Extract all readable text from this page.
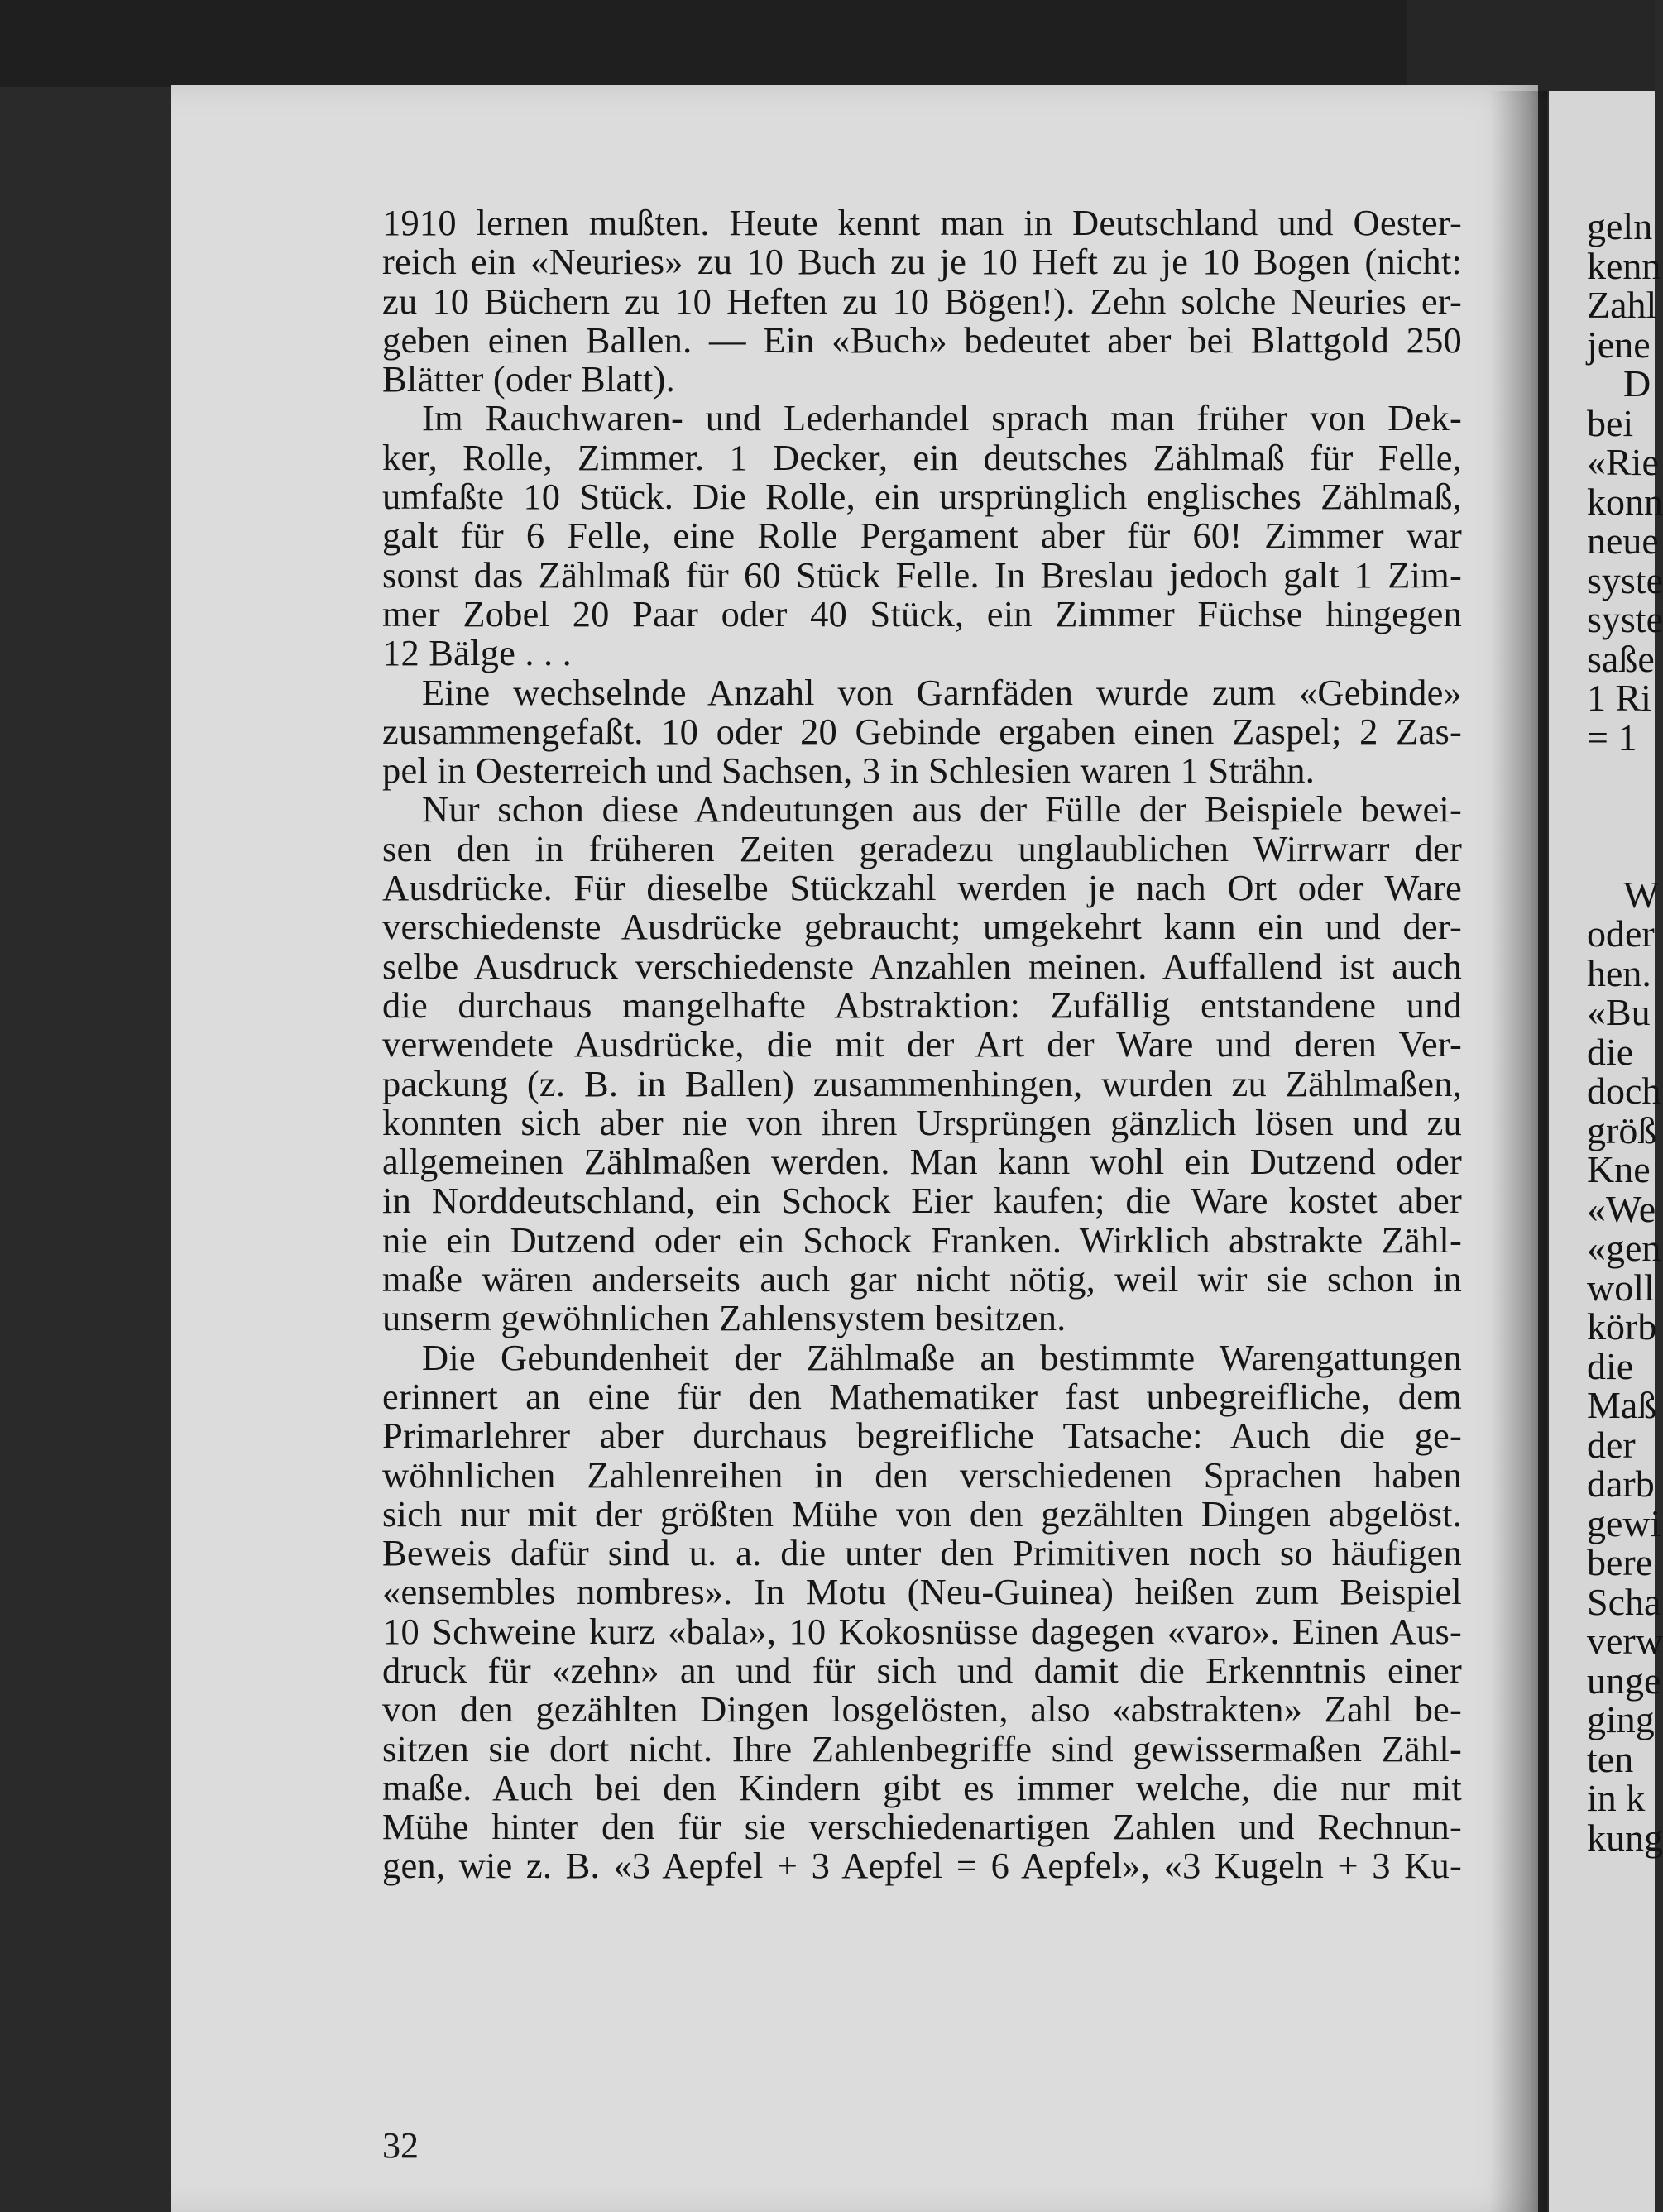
1910 lernen mußten. Heute kennt man in Deutschland und Oester-
reich ein «Neuries» zu 10 Buch zu je 10 Heft zu je 10 Bogen (nicht:
zu 10 Büchern zu 10 Heften zu 10 Bögen!). Zehn solche Neuries er-
geben einen Ballen. — Ein «Buch» bedeutet aber bei Blattgold 250
Blätter (oder Blatt).

Im Rauchwaren- und Lederhandel sprach man früher von Dek-
ker, Rolle, Zimmer. 1 Decker, ein deutsches Zählmaß für Felle,
umfaßte 10 Stück. Die Rolle, ein ursprünglich englisches Zählmaß,
galt für 6 Felle, eine Rolle Pergament aber für 60! Zimmer war
sonst das Zählmaß für 60 Stück Felle. In Breslau jedoch galt 1 Zim-
mer Zobel 20 Paar oder 40 Stück, ein Zimmer Füchse hingegen
12 Bälge . . .

Eine wechselnde Anzahl von Garnfäden wurde zum «Gebinde»
zusammengefaßt. 10 oder 20 Gebinde ergaben einen Zaspel; 2 Zas-
pel in Oesterreich und Sachsen, 3 in Schlesien waren 1 Strähn.

Nur schon diese Andeutungen aus der Fülle der Beispiele bewei-
sen den in früheren Zeiten geradezu unglaublichen Wirrwarr der
Ausdrücke. Für dieselbe Stückzahl werden je nach Ort oder Ware
verschiedenste Ausdrücke gebraucht; umgekehrt kann ein und der-
selbe Ausdruck verschiedenste Anzahlen meinen. Auffallend ist auch
die durchaus mangelhafte Abstraktion: Zufällig entstandene und
verwendete Ausdrücke, die mit der Art der Ware und deren Ver-
packung (z. B. in Ballen) zusammenhingen, wurden zu Zählmaßen,
konnten sich aber nie von ihren Ursprüngen gänzlich lösen und zu
allgemeinen Zählmaßen werden. Man kann wohl ein Dutzend oder
in Norddeutschland, ein Schock Eier kaufen; die Ware kostet aber
nie ein Dutzend oder ein Schock Franken. Wirklich abstrakte Zähl-
maße wären anderseits auch gar nicht nötig, weil wir sie schon in
unserm gewöhnlichen Zahlensystem besitzen.

Die Gebundenheit der Zählmaße an bestimmte Warengattungen
erinnert an eine für den Mathematiker fast unbegreifliche, dem
Primarlehrer aber durchaus begreifliche Tatsache: Auch die ge-
wöhnlichen Zahlenreihen in den verschiedenen Sprachen haben
sich nur mit der größten Mühe von den gezählten Dingen abgelöst.
Beweis dafür sind u. a. die unter den Primitiven noch so häufigen
«ensembles nombres». In Motu (Neu-Guinea) heißen zum Beispiel
10 Schweine kurz «bala», 10 Kokosnüsse dagegen «varo». Einen Aus-
druck für «zehn» an und für sich und damit die Erkenntnis einer
von den gezählten Dingen losgelösten, also «abstrakten» Zahl be-
sitzen sie dort nicht. Ihre Zahlenbegriffe sind gewissermaßen Zähl-
maße. Auch bei den Kindern gibt es immer welche, die nur mit
Mühe hinter den für sie verschiedenartigen Zahlen und Rechnun-
gen, wie z. B. «3 Aepfel + 3 Aepfel = 6 Aepfel», «3 Kugeln + 3 Ku-

32
geln
kenn
Zahl
jene
D
bei
«Rie
konn
neue
syste
syste
saße
1 Ri
= 1
W
oder
hen.
«Bu
die
doch
größ
Kne
«We
«gen
woll
körb
die
Maß
der
darb
gewi
bere
Scha
verw
unge
ging
ten
in k
kung
